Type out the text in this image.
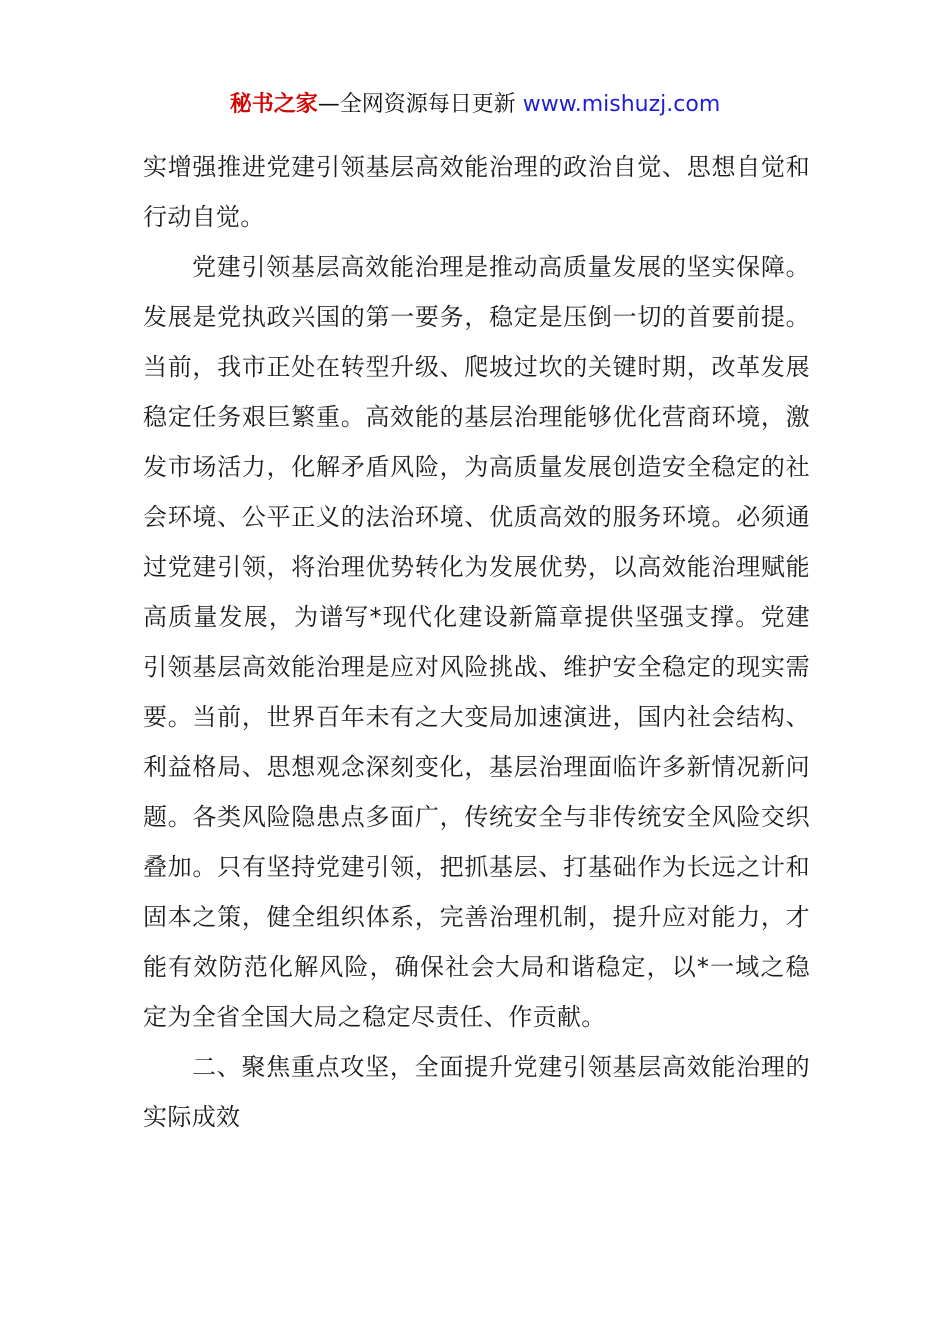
秘书之家—全网资源每日更新 www.mishuzj.com

实增强推进党建引领基层高效能治理的政治自觉、思想自觉和行动自觉。

党建引领基层高效能治理是推动高质量发展的坚实保障。发展是党执政兴国的第一要务，稳定是压倒一切的首要前提。当前，我市正处在转型升级、爬坡过坎的关键时期，改革发展稳定任务艰巨繁重。高效能的基层治理能够优化营商环境，激发市场活力，化解矛盾风险，为高质量发展创造安全稳定的社会环境、公平正义的法治环境、优质高效的服务环境。必须通过党建引领，将治理优势转化为发展优势，以高效能治理赋能高质量发展，为谱写*现代化建设新篇章提供坚强支撑。党建引领基层高效能治理是应对风险挑战、维护安全稳定的现实需要。当前，世界百年未有之大变局加速演进，国内社会结构、利益格局、思想观念深刻变化，基层治理面临许多新情况新问题。各类风险隐患点多面广，传统安全与非传统安全风险交织叠加。只有坚持党建引领，把抓基层、打基础作为长远之计和固本之策，健全组织体系，完善治理机制，提升应对能力，才能有效防范化解风险，确保社会大局和谐稳定，以*一域之稳定为全省全国大局之稳定尽责任、作贡献。

二、聚焦重点攻坚，全面提升党建引领基层高效能治理的实际成效
